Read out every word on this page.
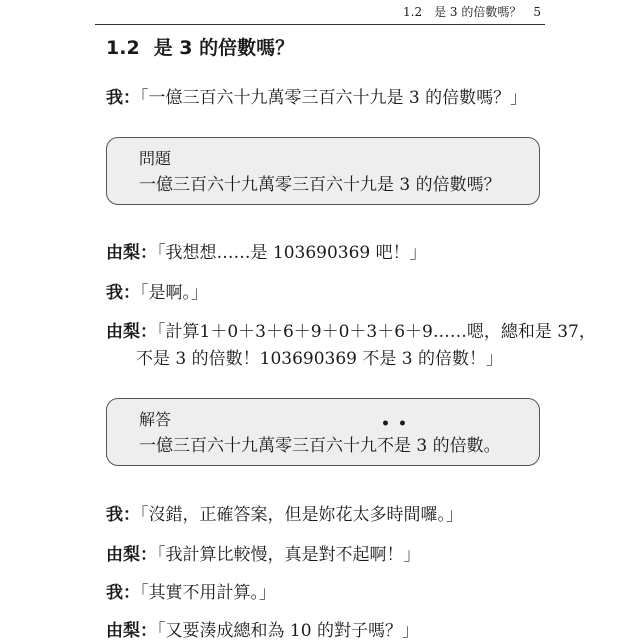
1.2　是 3 的倍數嗎？　5
1.2 是 3 的倍數嗎？
我：「一億三百六十九萬零三百六十九是 3 的倍數嗎？」
問題
一億三百六十九萬零三百六十九是 3 的倍數嗎？
由梨：「我想想……是 103690369 吧！」
我：「是啊。」
由梨：「計算1＋0＋3＋6＋9＋0＋3＋6＋9……嗯，總和是 37，
不是 3 的倍數！103690369 不是 3 的倍數！」
解答
一億三百六十九萬零三百六十九不是 3 的倍數。
我：「沒錯，正確答案，但是妳花太多時間囉。」
由梨：「我計算比較慢，真是對不起啊！」
我：「其實不用計算。」
由梨：「又要湊成總和為 10 的對子嗎？」
